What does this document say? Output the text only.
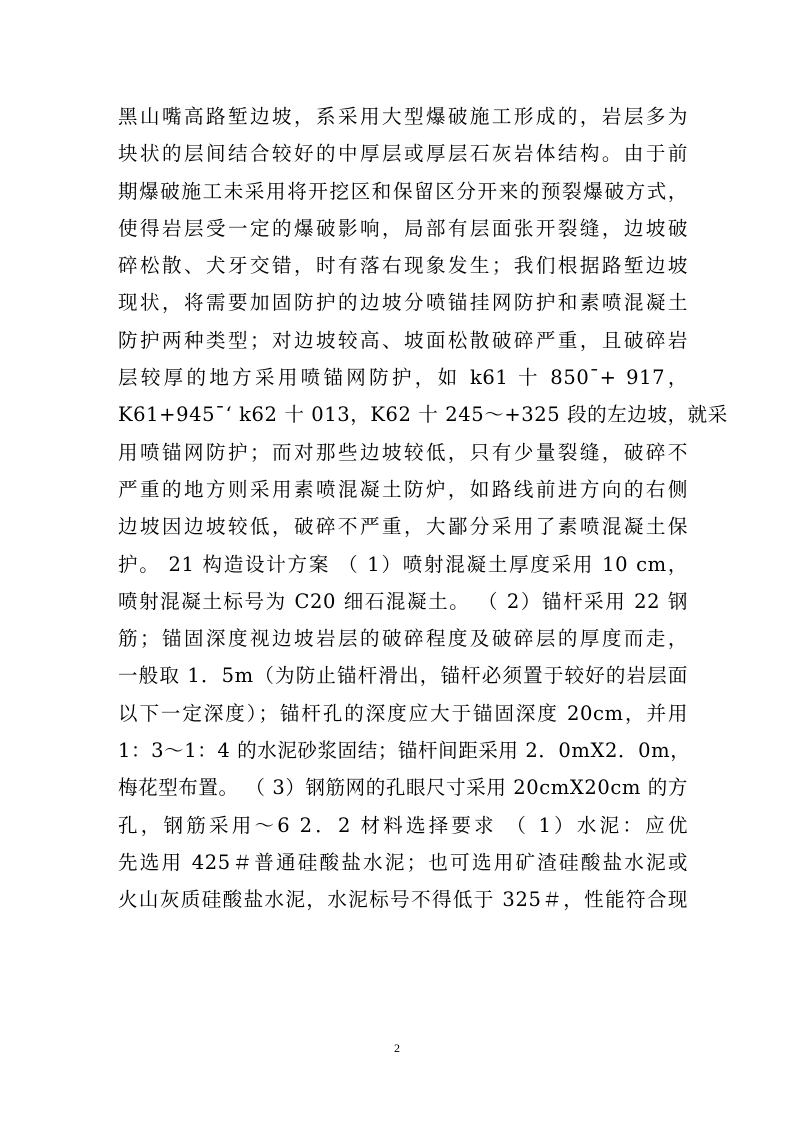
黑山嘴高路堑边坡，系采用大型爆破施工形成的，岩层多为
块状的层间结合较好的中厚层或厚层石灰岩体结构。由于前
期爆破施工未采用将开挖区和保留区分开来的预裂爆破方式，
使得岩层受一定的爆破影响，局部有层面张开裂缝，边坡破
碎松散、犬牙交错，时有落右现象发生；我们根据路堑边坡
现状，将需要加固防护的边坡分喷锚挂网防护和素喷混凝土
防护两种类型；对边坡较高、坡面松散破碎严重，且破碎岩
层较厚的地方采用喷锚网防护，如 k61 十 850¯+ 917，
K61+945¯‘ k62 十 013，K62 十 245～+325 段的左边坡，就采
用喷锚网防护；而对那些边坡较低，只有少量裂缝，破碎不
严重的地方则采用素喷混凝土防炉，如路线前进方向的右侧
边坡因边坡较低，破碎不严重，大鄙分采用了素喷混凝土保
护。 21 构造设计方案 （ 1）喷射混凝土厚度采用 10 cm，
喷射混凝土标号为 C20 细石混凝土。 （ 2）锚杆采用 22 钢
筋；锚固深度视边坡岩层的破碎程度及破碎层的厚度而走，
一般取 1．5m（为防止锚杆滑出，锚杆必须置于较好的岩层面
以下一定深度）；锚杆孔的深度应大于锚固深度 20cm，并用
1：3～1：4 的水泥砂浆固结；锚杆间距采用 2．0mX2．0m，
梅花型布置。 （ 3）钢筋网的孔眼尺寸采用 20cmX20cm 的方
孔，钢筋采用～6 2．2 材料选择要求 （ 1）水泥：应优
先选用 425＃普通硅酸盐水泥；也可选用矿渣硅酸盐水泥或
火山灰质硅酸盐水泥，水泥标号不得低于 325＃，性能符合现
2
